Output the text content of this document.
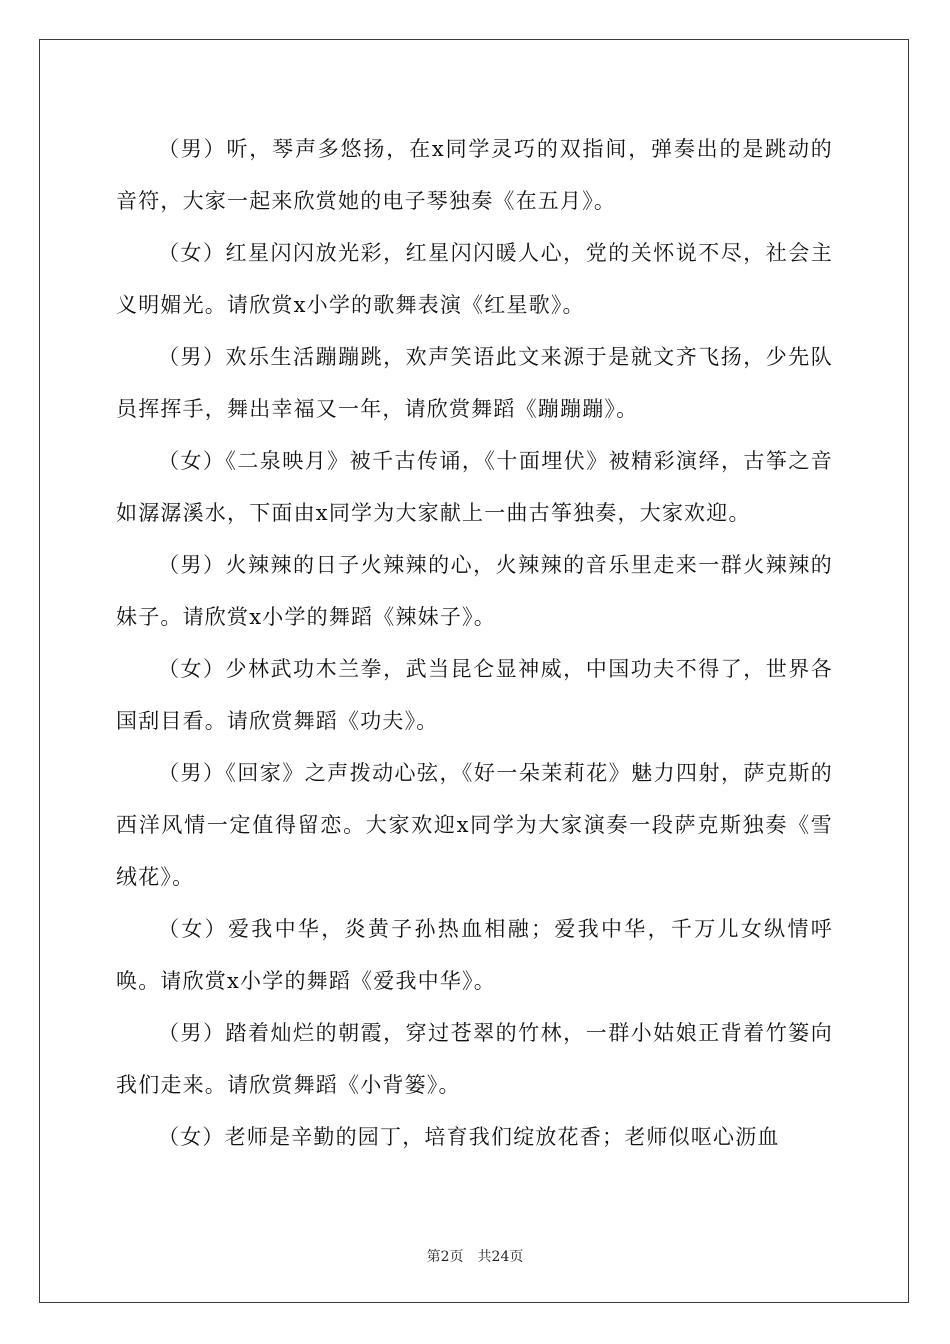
（男）听，琴声多悠扬，在x同学灵巧的双指间，弹奏出的是跳动的音符，大家一起来欣赏她的电子琴独奏《在五月》。

（女）红星闪闪放光彩，红星闪闪暖人心，党的关怀说不尽，社会主义明媚光。请欣赏x小学的歌舞表演《红星歌》。

（男）欢乐生活蹦蹦跳，欢声笑语此文来源于是就文齐飞扬，少先队员挥挥手，舞出幸福又一年，请欣赏舞蹈《蹦蹦蹦》。

（女）《二泉映月》被千古传诵，《十面埋伏》被精彩演绎，古筝之音如潺潺溪水，下面由x同学为大家献上一曲古筝独奏，大家欢迎。

（男）火辣辣的日子火辣辣的心，火辣辣的音乐里走来一群火辣辣的妹子。请欣赏x小学的舞蹈《辣妹子》。

（女）少林武功木兰拳，武当昆仑显神威，中国功夫不得了，世界各国刮目看。请欣赏舞蹈《功夫》。

（男）《回家》之声拨动心弦，《好一朵茉莉花》魅力四射，萨克斯的西洋风情一定值得留恋。大家欢迎x同学为大家演奏一段萨克斯独奏《雪绒花》。

（女）爱我中华，炎黄子孙热血相融；爱我中华，千万儿女纵情呼唤。请欣赏x小学的舞蹈《爱我中华》。

（男）踏着灿烂的朝霞，穿过苍翠的竹林，一群小姑娘正背着竹篓向我们走来。请欣赏舞蹈《小背篓》。

（女）老师是辛勤的园丁，培育我们绽放花香；老师似呕心沥血

第2页 共24页
